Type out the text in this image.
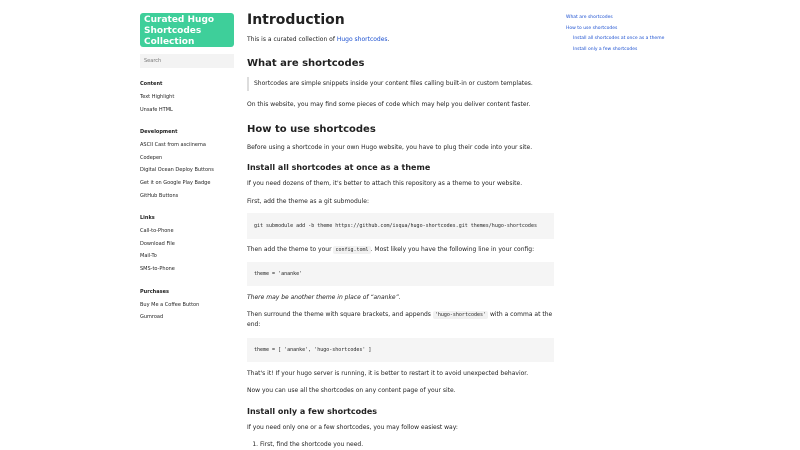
Curated Hugo Shortcodes Collection
Search
Content
Text Highlight
Unsafe HTML
Development
ASCII Cast from asciinema
Codepen
Digital Ocean Deploy Buttons
Get it on Google Play Badge
GitHub Buttons
Links
Call-to-Phone
Download File
Mail-To
SMS-to-Phone
Purchases
Buy Me a Coffee Button
Gumroad
Introduction

This is a curated collection of Hugo shortcodes.

What are shortcodes
Shortcodes are simple snippets inside your content files calling built-in or custom templates.

On this website, you may find some pieces of code which may help you deliver content faster.

How to use shortcodes

Before using a shortcode in your own Hugo website, you have to plug their code into your site.

Install all shortcodes at once as a theme

If you need dozens of them, it's better to attach this repository as a theme to your website.

First, add the theme as a git submodule:

git submodule add -b theme https://github.com/isqua/hugo-shortcodes.git themes/hugo-shortcodes

Then add the theme to your config.toml . Most likely you have the following line in your config:

theme = 'ananke'

There may be another theme in place of “ananke”.

Then surround the theme with square brackets, and appends 'hugo-shortcodes' with a comma at the end:

theme = [ 'ananke', 'hugo-shortcodes' ]

That's it! If your hugo server is running, it is better to restart it to avoid unexpected behavior.

Now you can use all the shortcodes on any content page of your site.

Install only a few shortcodes

If you need only one or a few shortcodes, you may follow easiest way:

1. First, find the shortcode you need.
What are shortcodes
How to use shortcodes
Install all shortcodes at once as a theme
Install only a few shortcodes
